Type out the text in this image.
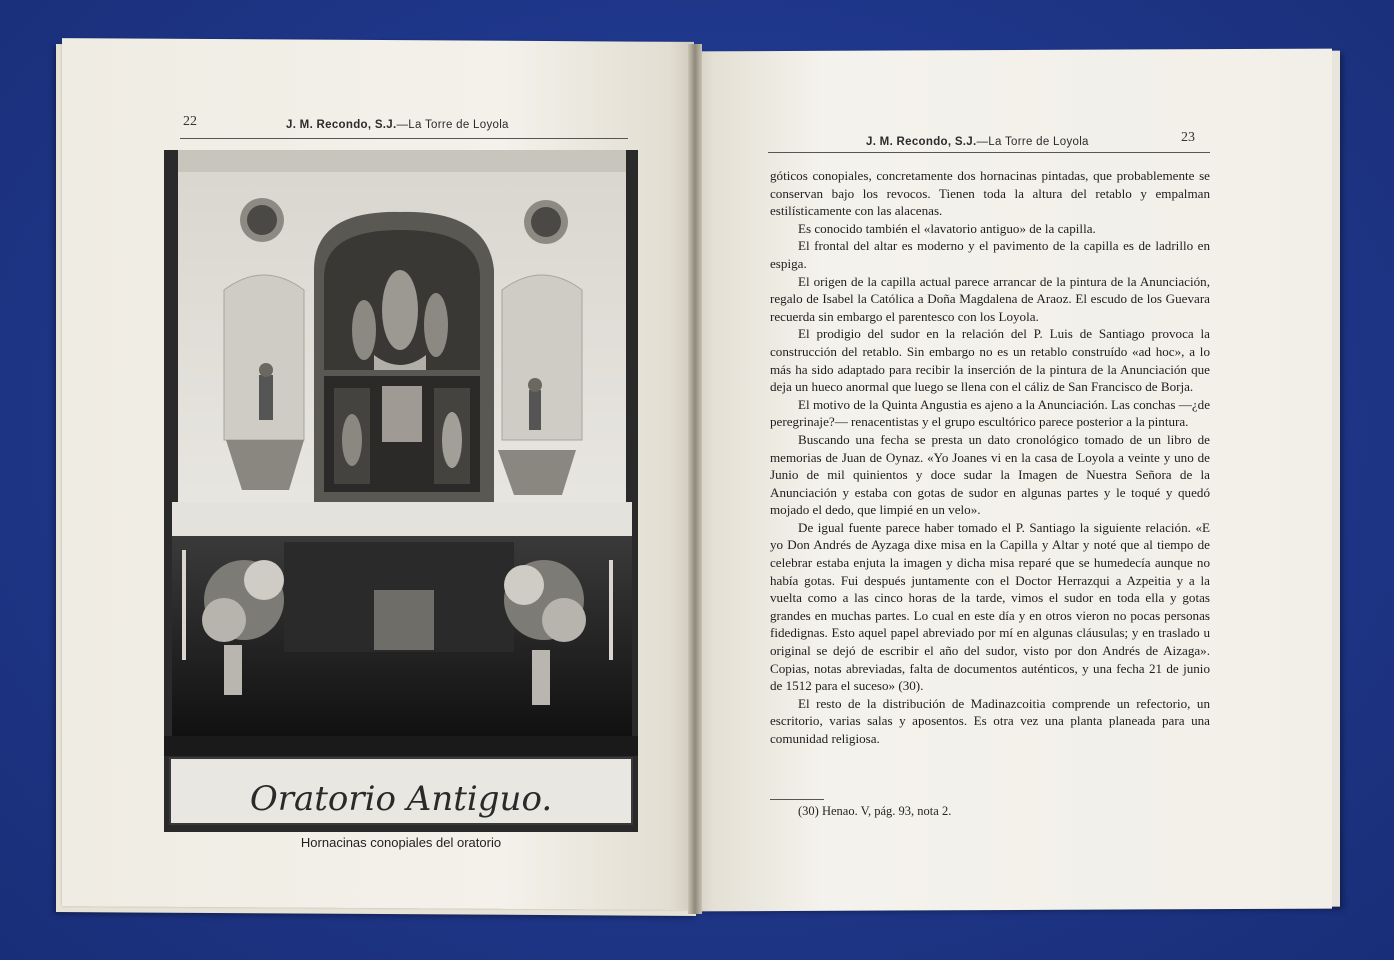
22	J. M. Recondo, S.J.—La Torre de Loyola
Oratorio Antiguo.
Hornacinas conopiales del oratorio
J. M. Recondo, S.J.—La Torre de Loyola	23

góticos conopiales, concretamente dos hornacinas pintadas, que probablemente se conservan bajo los revocos. Tienen toda la altura del retablo y empalman estilísticamente con las alacenas.

Es conocido también el «lavatorio antiguo» de la capilla.

El frontal del altar es moderno y el pavimento de la capilla es de ladrillo en espiga.

El origen de la capilla actual parece arrancar de la pintura de la Anunciación, regalo de Isabel la Católica a Doña Magdalena de Araoz. El escudo de los Guevara recuerda sin embargo el parentesco con los Loyola.

El prodigio del sudor en la relación del P. Luis de Santiago provoca la construcción del retablo. Sin embargo no es un retablo construído «ad hoc», a lo más ha sido adaptado para recibir la inserción de la pintura de la Anunciación que deja un hueco anormal que luego se llena con el cáliz de San Francisco de Borja.

El motivo de la Quinta Angustia es ajeno a la Anunciación. Las conchas —¿de peregrinaje?— renacentistas y el grupo escultórico parece posterior a la pintura.

Buscando una fecha se presta un dato cronológico tomado de un libro de memorias de Juan de Oynaz. «Yo Joanes vi en la casa de Loyola a veinte y uno de Junio de mil quinientos y doce sudar la Imagen de Nuestra Señora de la Anunciación y estaba con gotas de sudor en algunas partes y le toqué y quedó mojado el dedo, que limpié en un velo».

De igual fuente parece haber tomado el P. Santiago la siguiente relación. «E yo Don Andrés de Ayzaga dixe misa en la Capilla y Altar y noté que al tiempo de celebrar estaba enjuta la imagen y dicha misa reparé que se humedecía aunque no había gotas. Fui después juntamente con el Doctor Herrazqui a Azpeitia y a la vuelta como a las cinco horas de la tarde, vimos el sudor en toda ella y gotas grandes en muchas partes. Lo cual en este día y en otros vieron no pocas personas fidedignas. Esto aquel papel abreviado por mí en algunas cláusulas; y en traslado u original se dejó de escribir el año del sudor, visto por don Andrés de Aizaga». Copias, notas abreviadas, falta de documentos auténticos, y una fecha 21 de junio de 1512 para el suceso» (30).

El resto de la distribución de Madinazcoitia comprende un refectorio, un escritorio, varias salas y aposentos. Es otra vez una planta planeada para una comunidad religiosa.

(30) Henao. V, pág. 93, nota 2.
